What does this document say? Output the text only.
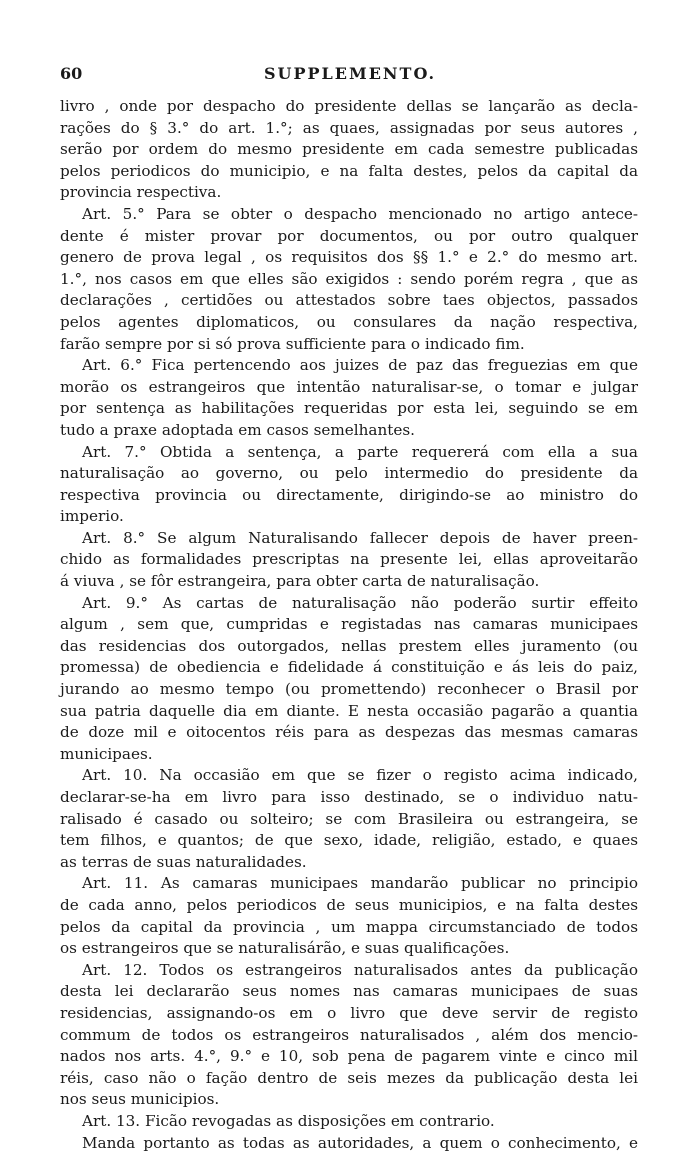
60	SUPPLEMENTO.
livro , onde por despacho do presidente dellas se lançarão as decla-
rações do § 3.° do art. 1.°; as quaes, assignadas por seus autores ,
serão por ordem do mesmo presidente em cada semestre publicadas
pelos periodicos do municipio, e na falta destes, pelos da capital da
provincia respectiva.
Art. 5.° Para se obter o despacho mencionado no artigo antece-
dente é mister provar por documentos, ou por outro qualquer
genero de prova legal , os requisitos dos §§ 1.° e 2.° do mesmo art.
1.°, nos casos em que elles são exigidos : sendo porém regra , que as
declarações , certidões ou attestados sobre taes objectos, passados
pelos agentes diplomaticos, ou consulares da nação respectiva,
farão sempre por si só prova sufficiente para o indicado fim.
Art. 6.° Fica pertencendo aos juizes de paz das freguezias em que
morão os estrangeiros que intentão naturalisar-se, o tomar e julgar
por sentença as habilitações requeridas por esta lei, seguindo se em
tudo a praxe adoptada em casos semelhantes.
Art. 7.° Obtida a sentença, a parte requererá com ella a sua
naturalisação ao governo, ou pelo intermedio do presidente da
respectiva provincia ou directamente, dirigindo-se ao ministro do
imperio.
Art. 8.° Se algum Naturalisando fallecer depois de haver preen-
chido as formalidades prescriptas na presente lei, ellas aproveitarão
á viuva , se fôr estrangeira, para obter carta de naturalisação.
Art. 9.° As cartas de naturalisação não poderão surtir effeito
algum , sem que, cumpridas e registadas nas camaras municipaes
das residencias dos outorgados, nellas prestem elles juramento (ou
promessa) de obediencia e fidelidade á constituição e ás leis do paiz,
jurando ao mesmo tempo (ou promettendo) reconhecer o Brasil por
sua patria daquelle dia em diante. E nesta occasião pagarão a quantia
de doze mil e oitocentos réis para as despezas das mesmas camaras
municipaes.
Art. 10. Na occasião em que se fizer o registo acima indicado,
declarar-se-ha em livro para isso destinado, se o individuo natu-
ralisado é casado ou solteiro; se com Brasileira ou estrangeira, se
tem filhos, e quantos; de que sexo, idade, religião, estado, e quaes
as terras de suas naturalidades.
Art. 11. As camaras municipaes mandarão publicar no principio
de cada anno, pelos periodicos de seus municipios, e na falta destes
pelos da capital da provincia , um mappa circumstanciado de todos
os estrangeiros que se naturalisárão, e suas qualificações.
Art. 12. Todos os estrangeiros naturalisados antes da publicação
desta lei declararão seus nomes nas camaras municipaes de suas
residencias, assignando-os em o livro que deve servir de registo
commum de todos os estrangeiros naturalisados , além dos mencio-
nados nos arts. 4.°, 9.° e 10, sob pena de pagarem vinte e cinco mil
réis, caso não o fação dentro de seis mezes da publicação desta lei
nos seus municipios.
Art. 13. Ficão revogadas as disposições em contrario.
Manda portanto as todas as autoridades, a quem o conhecimento, e
